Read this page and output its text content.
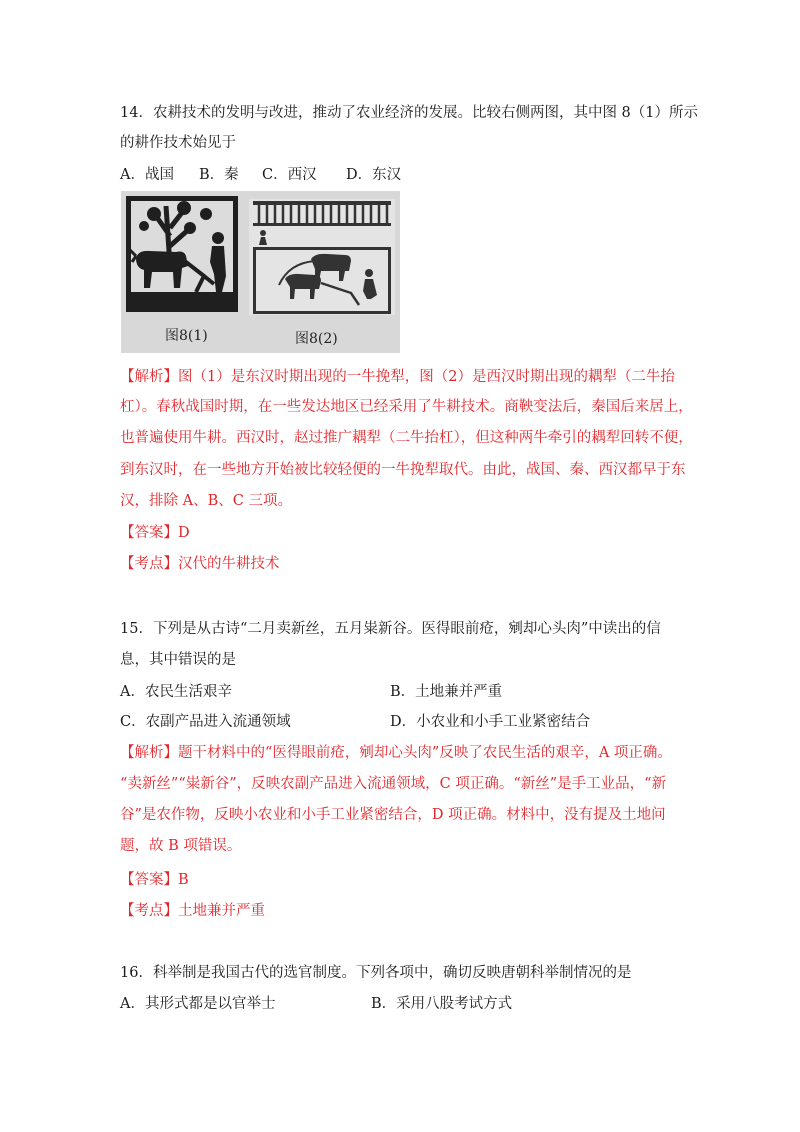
14．农耕技术的发明与改进，推动了农业经济的发展。比较右侧两图，其中图 8（1）所示
的耕作技术始见于
A．战国 B．秦 C．西汉 D．东汉
图8(1)	图8(2)
【解析】图（1）是东汉时期出现的一牛挽犁，图（2）是西汉时期出现的耦犁（二牛抬
杠）。春秋战国时期，在一些发达地区已经采用了牛耕技术。商鞅变法后，秦国后来居上，
也普遍使用牛耕。西汉时，赵过推广耦犁（二牛抬杠），但这种两牛牵引的耦犁回转不便，
到东汉时，在一些地方开始被比较轻便的一牛挽犁取代。由此，战国、秦、西汉都早于东
汉，排除 A、B、C 三项。
【答案】D
【考点】汉代的牛耕技术
15．下列是从古诗“二月卖新丝，五月粜新谷。医得眼前疮，剜却心头肉”中读出的信
息，其中错误的是
A．农民生活艰辛	B．土地兼并严重
C．农副产品进入流通领域	D．小农业和小手工业紧密结合
【解析】题干材料中的“医得眼前疮，剜却心头肉”反映了农民生活的艰辛，A 项正确。
“卖新丝”“粜新谷”，反映农副产品进入流通领域，C 项正确。“新丝”是手工业品，“新
谷”是农作物，反映小农业和小手工业紧密结合，D 项正确。材料中，没有提及土地问
题，故 B 项错误。
【答案】B
【考点】土地兼并严重
16．科举制是我国古代的选官制度。下列各项中，确切反映唐朝科举制情况的是
A．其形式都是以官举士	B．采用八股考试方式
